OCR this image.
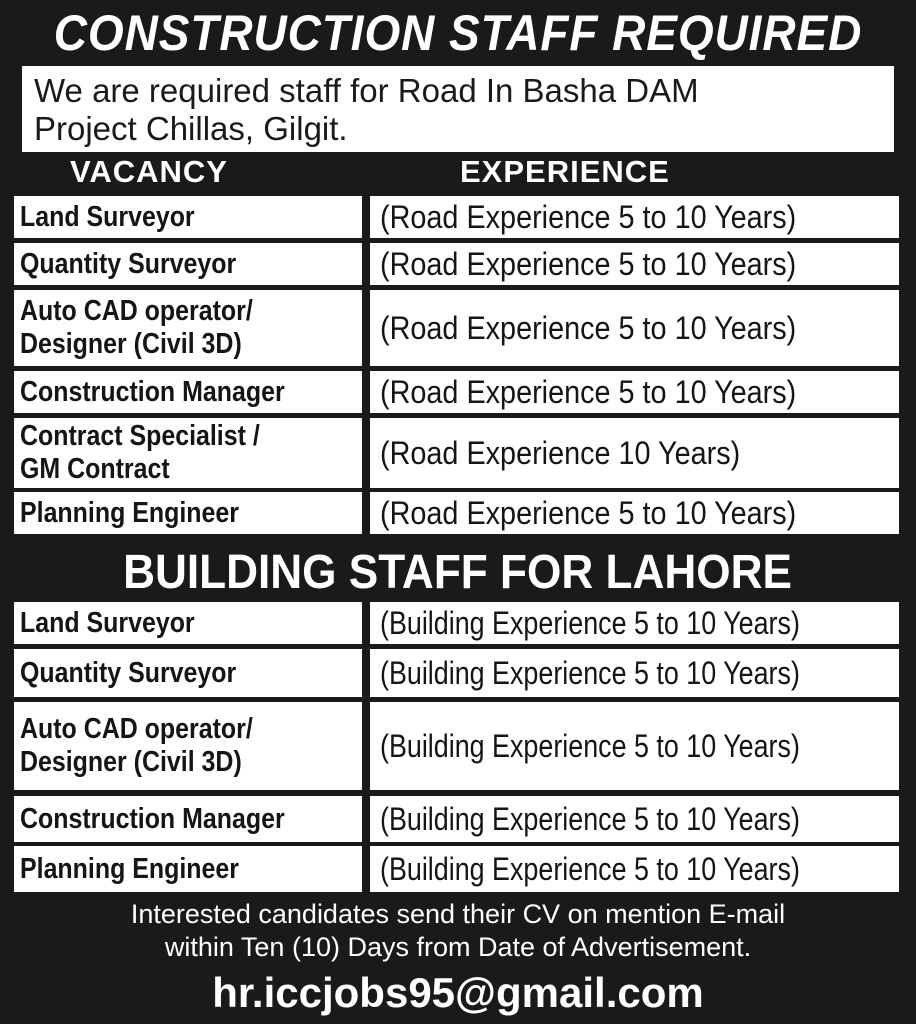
CONSTRUCTION STAFF REQUIRED
We are required staff for Road In Basha DAM
Project Chillas, Gilgit.
VACANCY	EXPERIENCE
Land Surveyor	(Road Experience 5 to 10 Years)
Quantity Surveyor	(Road Experience 5 to 10 Years)
Auto CAD operator/
Designer (Civil 3D)	(Road Experience 5 to 10 Years)
Construction Manager	(Road Experience 5 to 10 Years)
Contract Specialist /
GM Contract	(Road Experience 10 Years)
Planning Engineer	(Road Experience 5 to 10 Years)
BUILDING STAFF FOR LAHORE
Land Surveyor	(Building Experience 5 to 10 Years)
Quantity Surveyor	(Building Experience 5 to 10 Years)
Auto CAD operator/
Designer (Civil 3D)	(Building Experience 5 to 10 Years)
Construction Manager	(Building Experience 5 to 10 Years)
Planning Engineer	(Building Experience 5 to 10 Years)
Interested candidates send their CV on mention E-mail
within Ten (10) Days from Date of Advertisement.
hr.iccjobs95@gmail.com
